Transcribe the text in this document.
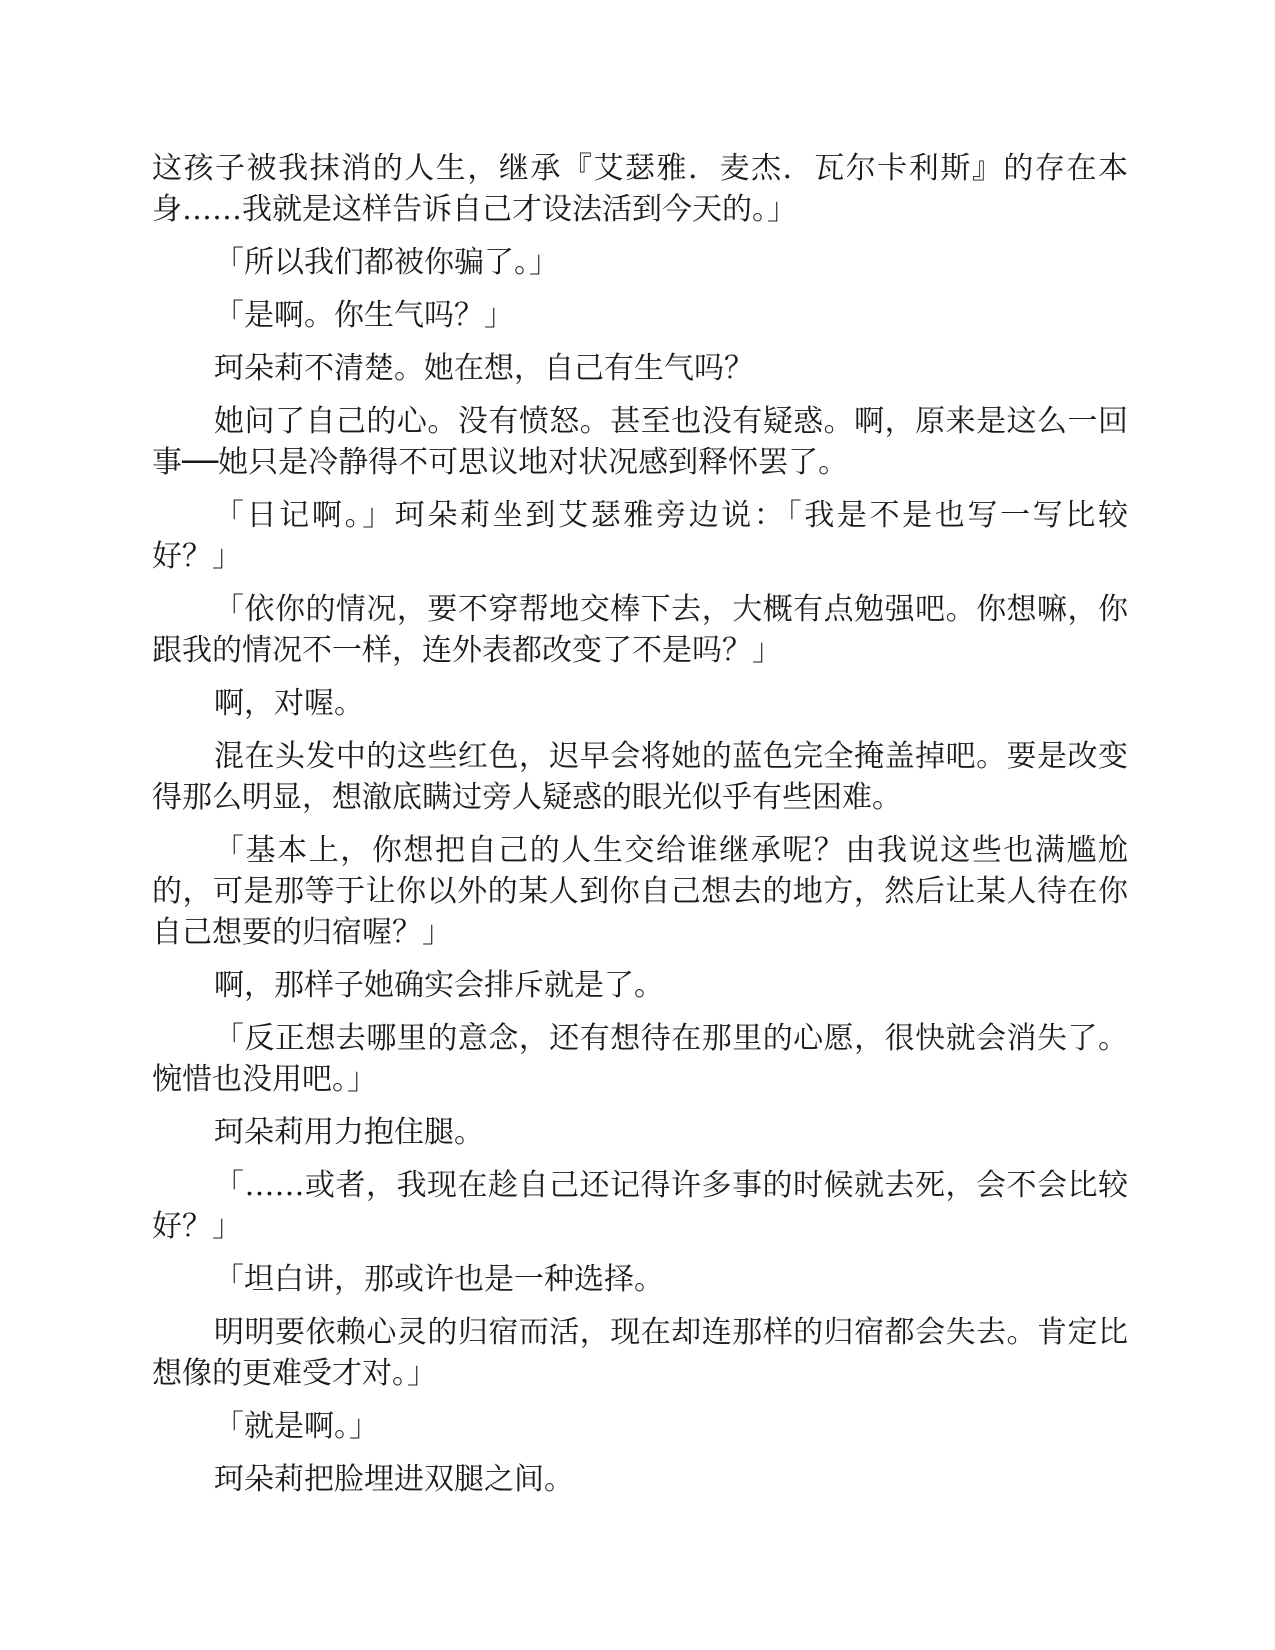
这孩子被我抹消的人生，继承『艾瑟雅．麦杰．瓦尔卡利斯』的存在本身……我就是这样告诉自己才设法活到今天的。」

「所以我们都被你骗了。」

「是啊。你生气吗？」

珂朵莉不清楚。她在想，自己有生气吗？

她问了自己的心。没有愤怒。甚至也没有疑惑。啊，原来是这么一回事──她只是冷静得不可思议地对状况感到释怀罢了。

「日记啊。」珂朵莉坐到艾瑟雅旁边说：「我是不是也写一写比较好？」

「依你的情况，要不穿帮地交棒下去，大概有点勉强吧。你想嘛，你跟我的情况不一样，连外表都改变了不是吗？」

啊，对喔。

混在头发中的这些红色，迟早会将她的蓝色完全掩盖掉吧。要是改变得那么明显，想澈底瞒过旁人疑惑的眼光似乎有些困难。

「基本上，你想把自己的人生交给谁继承呢？由我说这些也满尴尬的，可是那等于让你以外的某人到你自己想去的地方，然后让某人待在你自己想要的归宿喔？」

啊，那样子她确实会排斥就是了。

「反正想去哪里的意念，还有想待在那里的心愿，很快就会消失了。惋惜也没用吧。」

珂朵莉用力抱住腿。

「……或者，我现在趁自己还记得许多事的时候就去死，会不会比较好？」

「坦白讲，那或许也是一种选择。

明明要依赖心灵的归宿而活，现在却连那样的归宿都会失去。肯定比想像的更难受才对。」

「就是啊。」

珂朵莉把脸埋进双腿之间。
